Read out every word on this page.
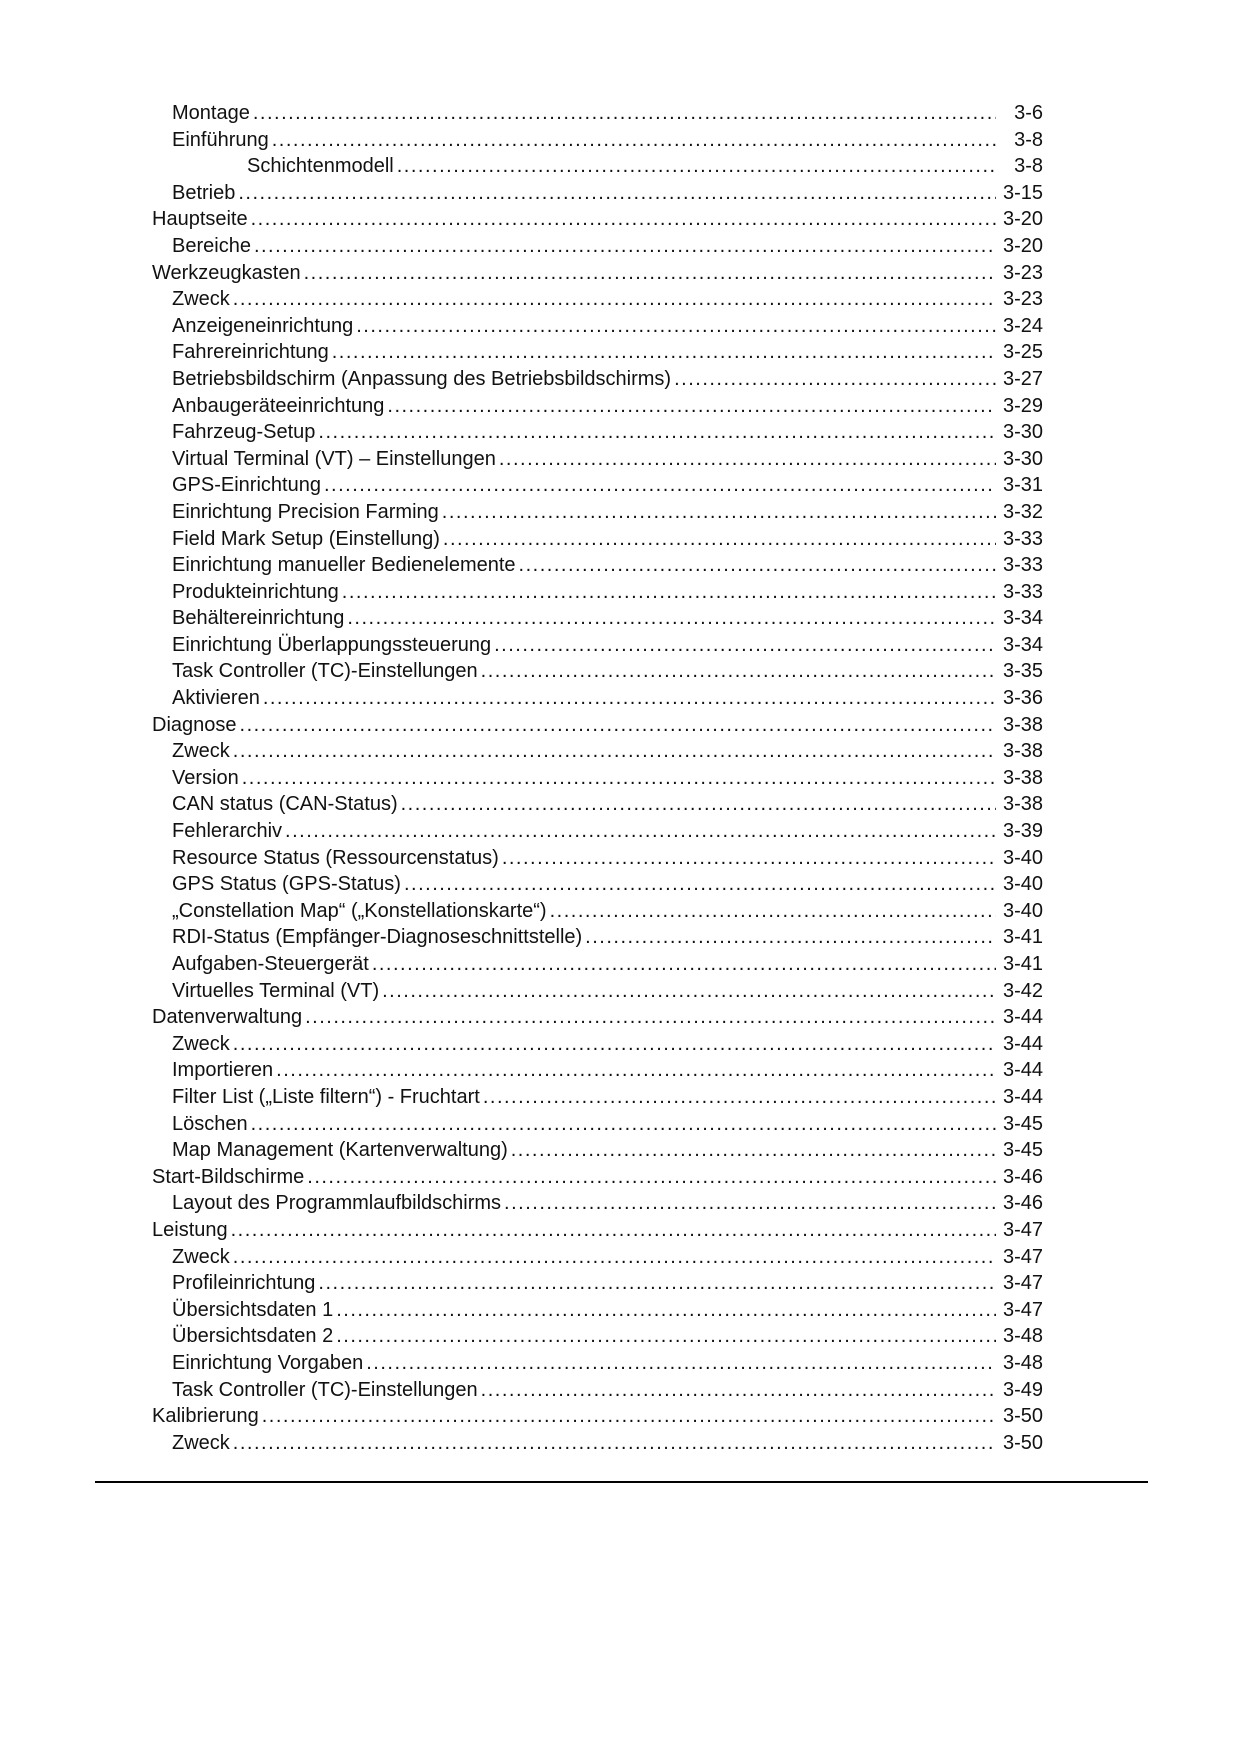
Montage .....	3-6
Einführung .....	3-8
Schichtenmodell .....	3-8
Betrieb .....	3-15
Hauptseite .....	3-20
Bereiche .....	3-20
Werkzeugkasten .....	3-23
Zweck .....	3-23
Anzeigeneinrichtung .....	3-24
Fahrereinrichtung .....	3-25
Betriebsbildschirm (Anpassung des Betriebsbildschirms) .....	3-27
Anbaugeräteeinrichtung .....	3-29
Fahrzeug-Setup .....	3-30
Virtual Terminal (VT) – Einstellungen .....	3-30
GPS-Einrichtung .....	3-31
Einrichtung Precision Farming .....	3-32
Field Mark Setup (Einstellung) .....	3-33
Einrichtung manueller Bedienelemente .....	3-33
Produkteinrichtung .....	3-33
Behältereinrichtung .....	3-34
Einrichtung Überlappungssteuerung .....	3-34
Task Controller (TC)-Einstellungen .....	3-35
Aktivieren .....	3-36
Diagnose .....	3-38
Zweck .....	3-38
Version .....	3-38
CAN status (CAN-Status) .....	3-38
Fehlerarchiv .....	3-39
Resource Status (Ressourcenstatus) .....	3-40
GPS Status (GPS-Status) .....	3-40
„Constellation Map“ („Konstellationskarte“) .....	3-40
RDI-Status (Empfänger-Diagnoseschnittstelle) .....	3-41
Aufgaben-Steuergerät .....	3-41
Virtuelles Terminal (VT) .....	3-42
Datenverwaltung .....	3-44
Zweck .....	3-44
Importieren .....	3-44
Filter List („Liste filtern“) - Fruchtart .....	3-44
Löschen .....	3-45
Map Management (Kartenverwaltung) .....	3-45
Start-Bildschirme .....	3-46
Layout des Programmlaufbildschirms .....	3-46
Leistung .....	3-47
Zweck .....	3-47
Profileinrichtung .....	3-47
Übersichtsdaten 1 .....	3-47
Übersichtsdaten 2 .....	3-48
Einrichtung Vorgaben .....	3-48
Task Controller (TC)-Einstellungen .....	3-49
Kalibrierung .....	3-50
Zweck .....	3-50
